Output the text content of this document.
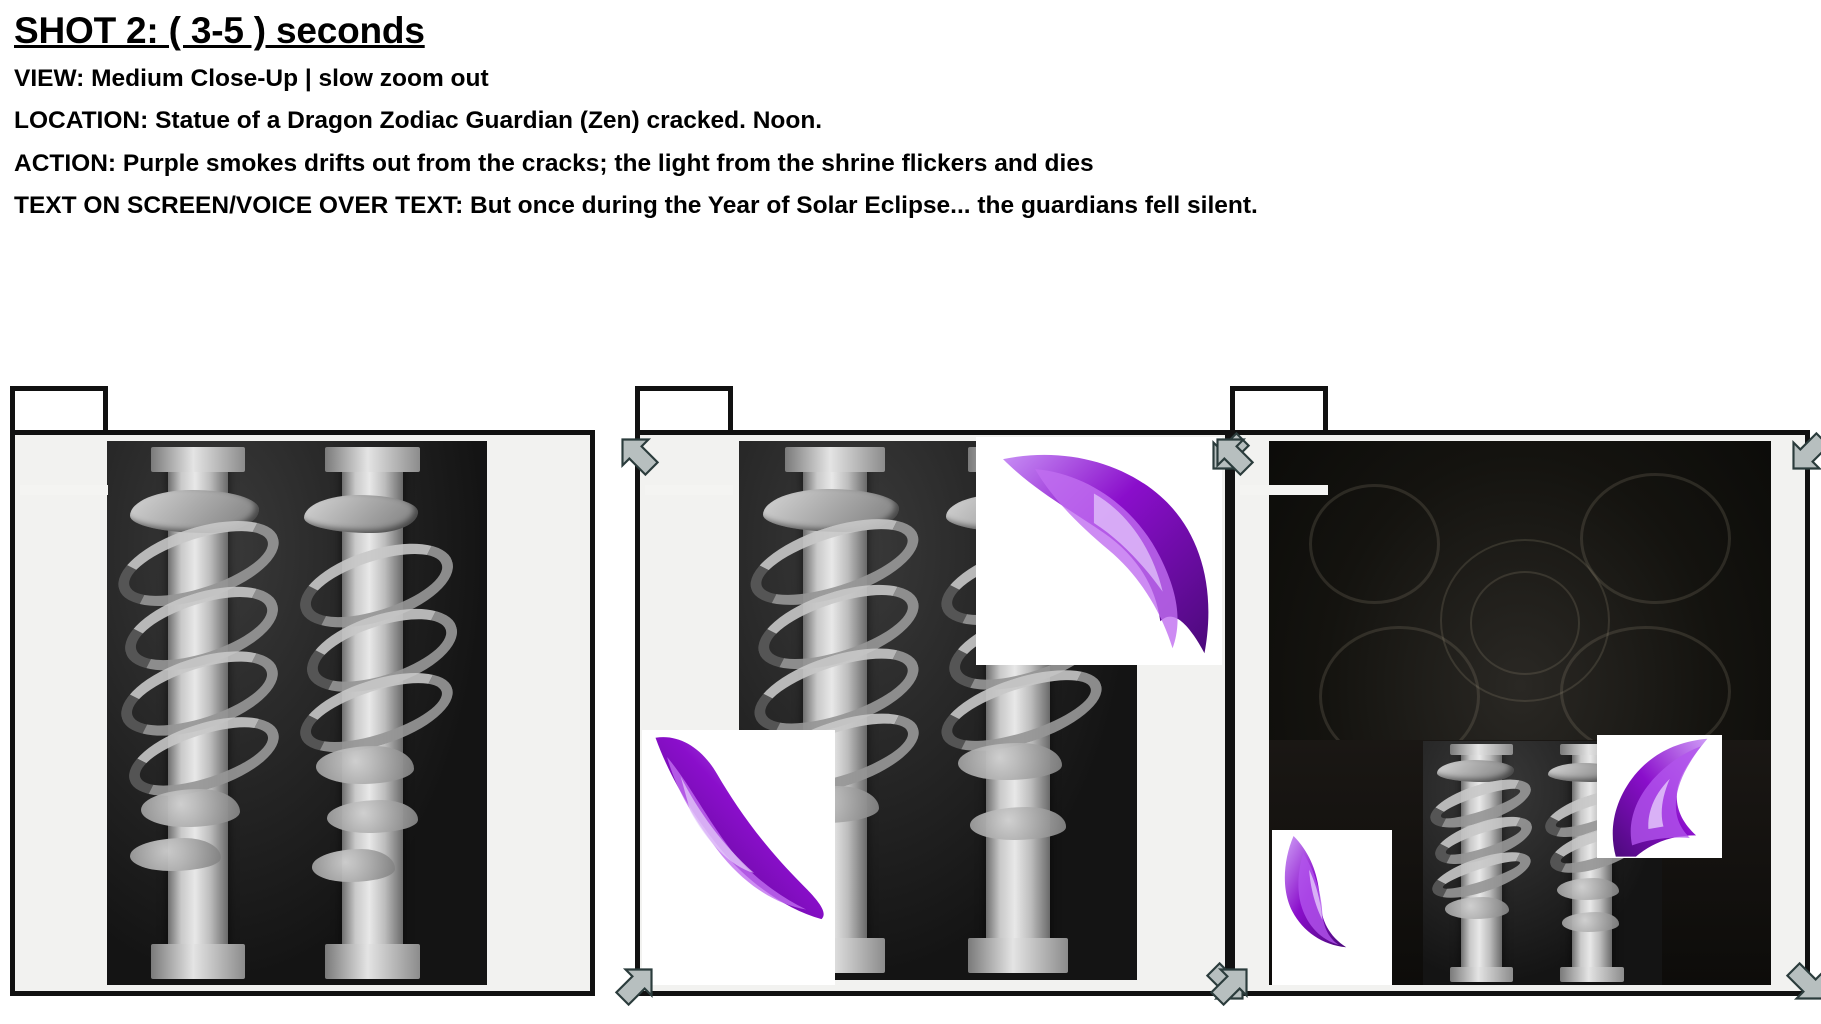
SHOT 2: ( 3-5 ) seconds
VIEW: Medium Close-Up | slow zoom out
LOCATION: Statue of a Dragon Zodiac Guardian (Zen) cracked. Noon.
ACTION: Purple smokes drifts out from the cracks; the light from the shrine flickers and dies
TEXT ON SCREEN/VOICE OVER TEXT: But once during the Year of Solar Eclipse... the guardians fell silent.
